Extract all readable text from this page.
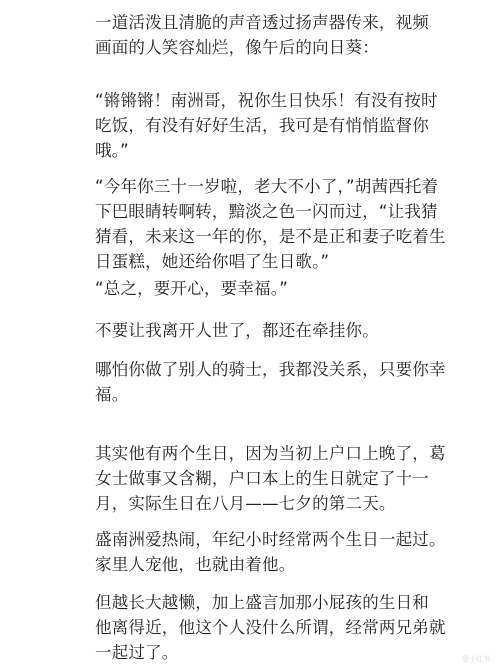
一道活泼且清脆的声音透过扬声器传来，视频
画面的人笑容灿烂，像午后的向日葵：
“锵锵锵！南洲哥，祝你生日快乐！有没有按时
吃饭，有没有好好生活，我可是有悄悄监督你
哦。”
“今年你三十一岁啦，老大不小了，”胡茜西托着
下巴眼睛转啊转，黯淡之色一闪而过，“让我猜
猜看，未来这一年的你，是不是正和妻子吃着生
日蛋糕，她还给你唱了生日歌。”
“总之，要开心，要幸福。”
不要让我离开人世了，都还在牵挂你。
哪怕你做了别人的骑士，我都没关系，只要你幸
福。
其实他有两个生日，因为当初上户口上晚了，葛
女士做事又含糊，户口本上的生日就定了十一
月，实际生日在八月——七夕的第二天。
盛南洲爱热闹，年纪小时经常两个生日一起过。
家里人宠他，也就由着他。
但越长大越懒，加上盛言加那小屁孩的生日和
他离得近，他这个人没什么所谓，经常两兄弟就
一起过了。	@小红书
